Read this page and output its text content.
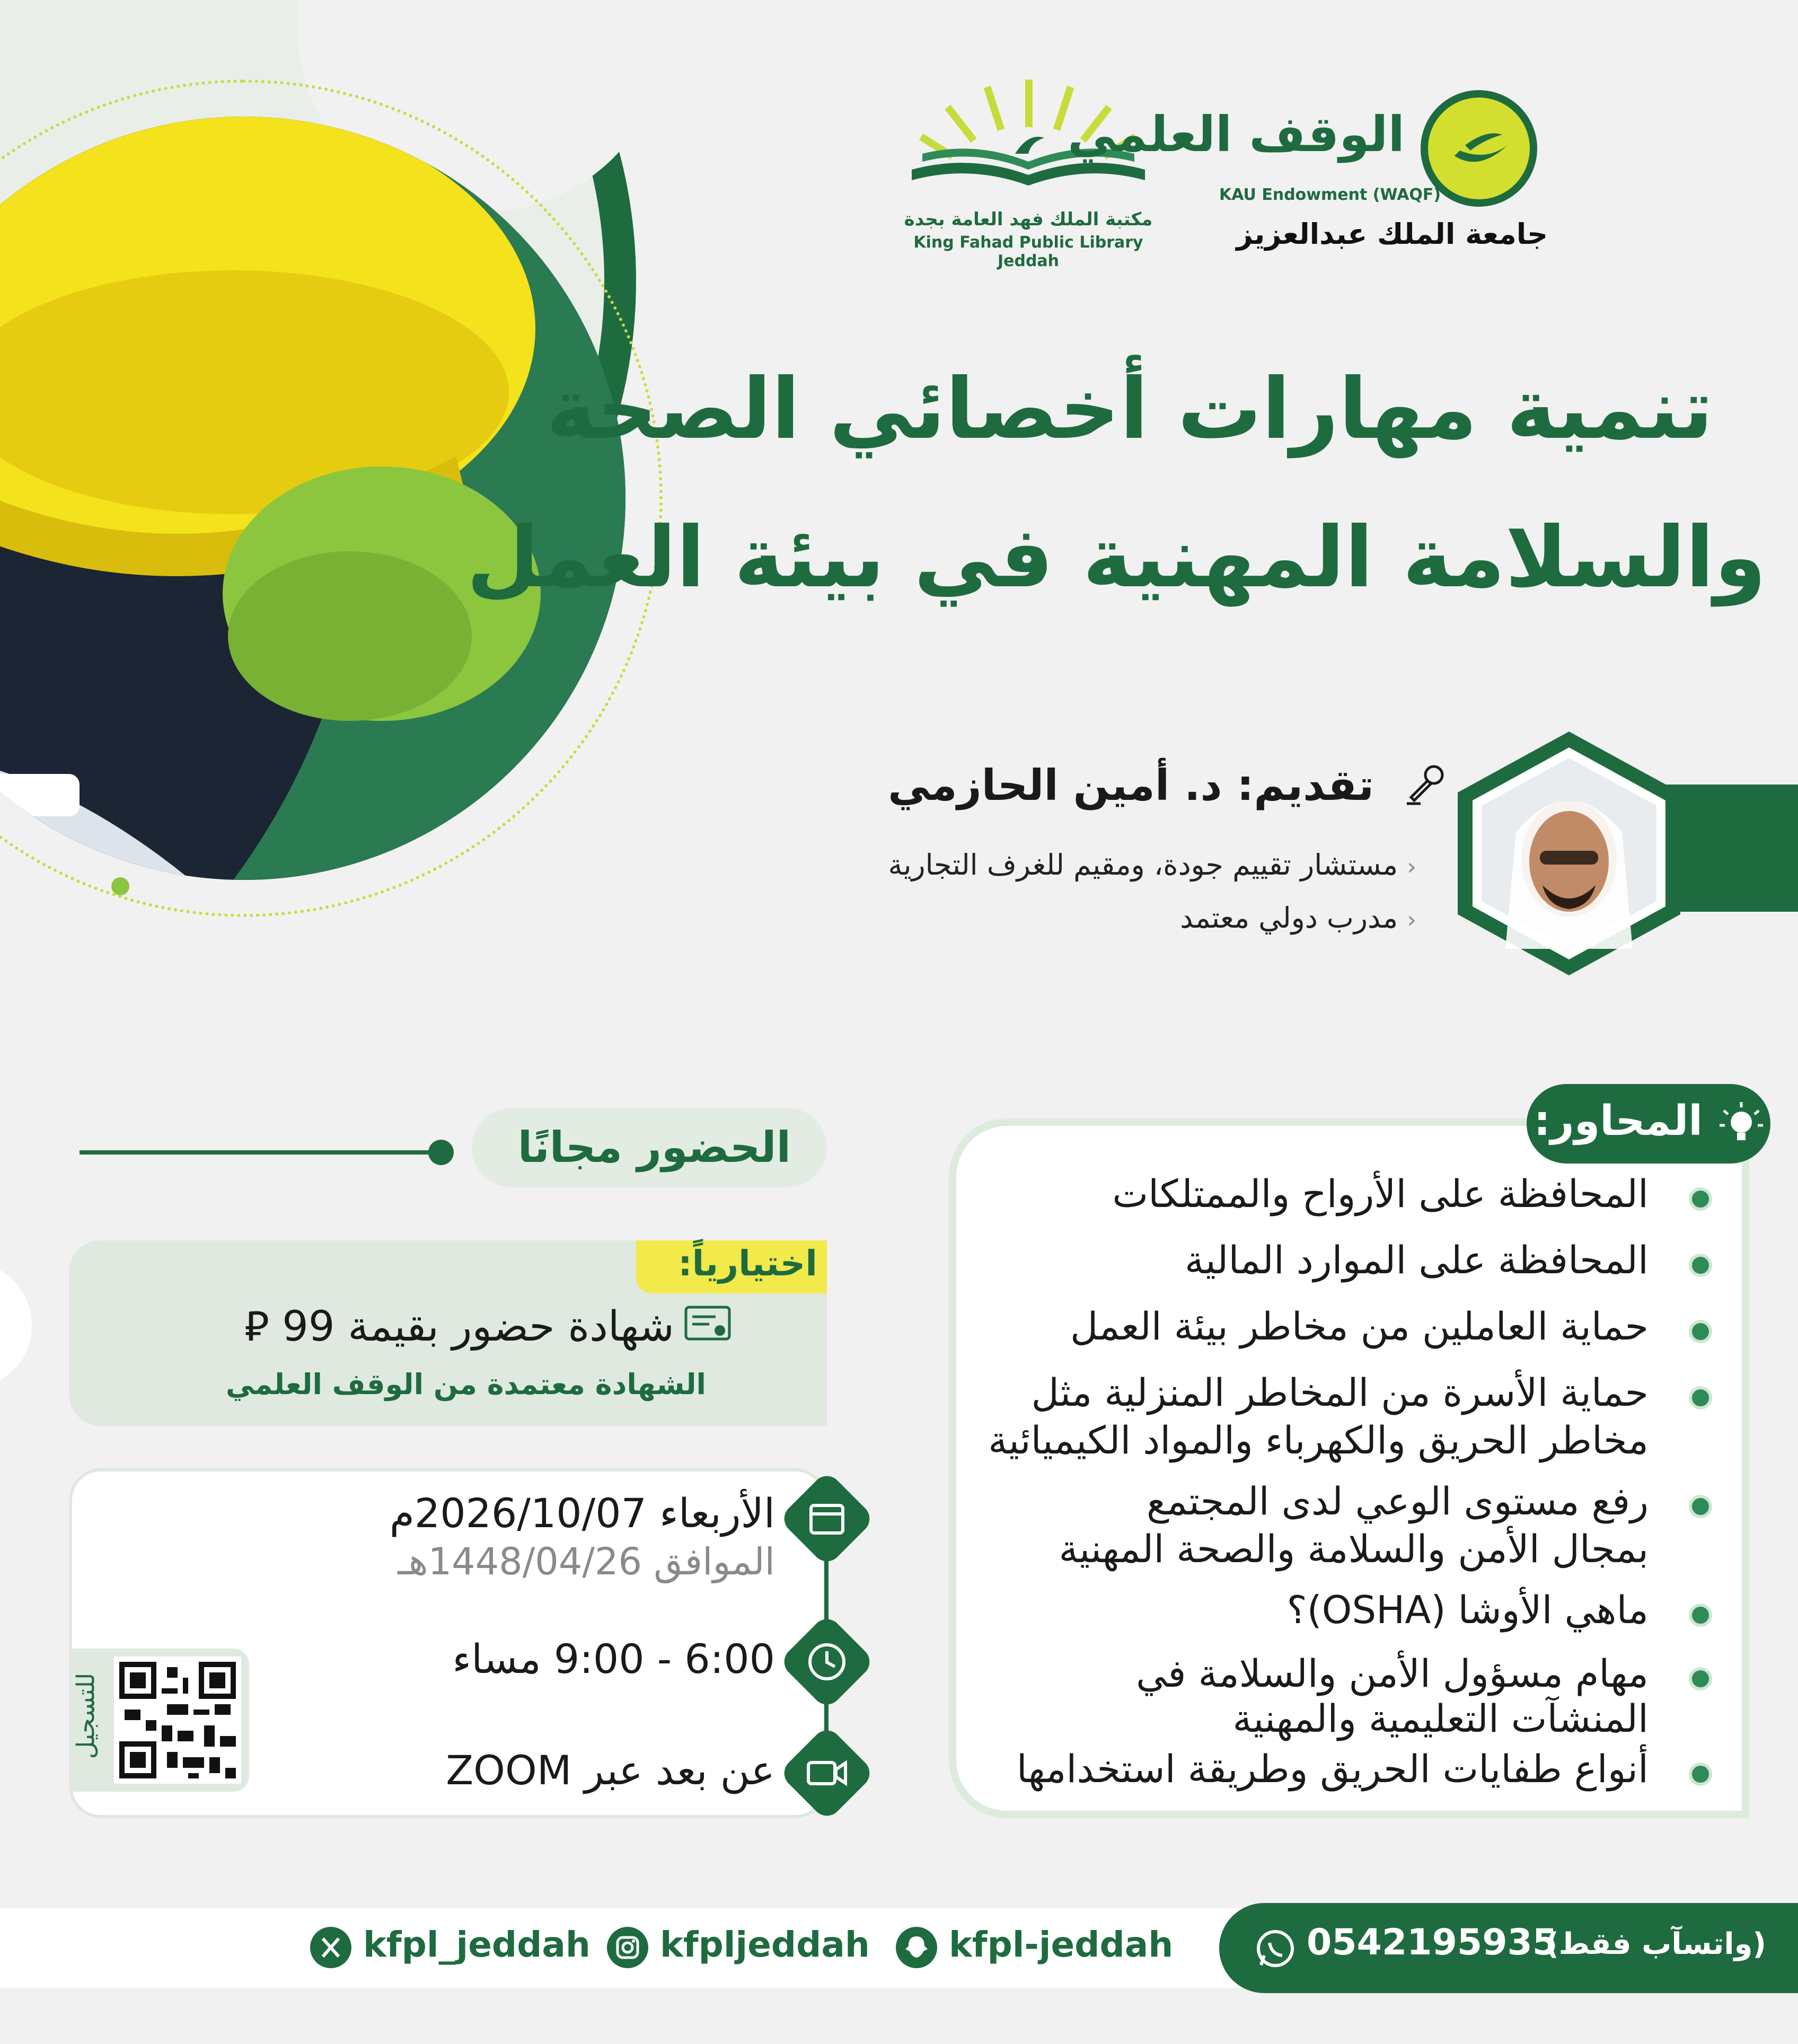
مكتبة الملك فهد العامة بجدة
King Fahad Public Library Jeddah
الوقف العلمي
KAU Endowment (WAQF)
جامعة الملك عبدالعزيز
تنمية مهارات أخصائي الصحة
والسلامة المهنية في بيئة العمل
تقديم: د. أمين الحازمي
‹ مستشار تقييم جودة، ومقيم للغرف التجارية
‹ مدرب دولي معتمد
المحاور:
المحافظة على الأرواح والممتلكات
المحافظة على الموارد المالية
حماية العاملين من مخاطر بيئة العمل
حماية الأسرة من المخاطر المنزلية مثل
مخاطر الحريق والكهرباء والمواد الكيميائية
رفع مستوى الوعي لدى المجتمع
بمجال الأمن والسلامة والصحة المهنية
ماهي الأوشا (OSHA)؟
مهام مسؤول الأمن والسلامة في
المنشآت التعليمية والمهنية
أنواع طفايات الحريق وطريقة استخدامها
الحضور مجانًا
اختيارياً:
شهادة حضور بقيمة 99 ⃁
الشهادة معتمدة من الوقف العلمي
الأربعاء 2026/10/07م
الموافق 1448/04/26هـ
6:00 - 9:00 مساء
عن بعد عبر ZOOM
للتسجيل
0542195935
(واتسآب فقط)
kfpl-jeddah
kfpljeddah
kfpl_jeddah
